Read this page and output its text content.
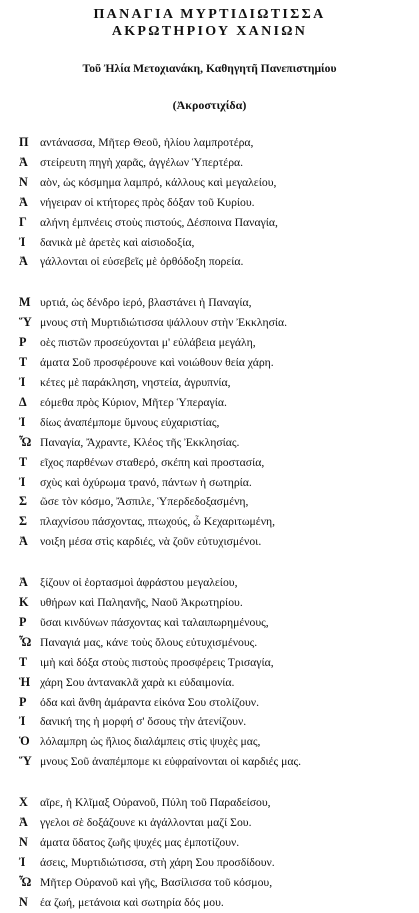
ΠΑΝΑΓΙΑ ΜΥΡΤΙΔΙΩΤΙΣΣΑ
ΑΚΡΩΤΗΡΙΟΥ ΧΑΝΙΩΝ
Τοῦ Ἠλία Μετοχιανάκη, Καθηγητῆ Πανεπιστημίου
(Ἀκροστιχίδα)
Π αντάνασσα, Μῆτερ Θεοῦ, ἡλίου λαμπροτέρα,
Ἀ	στείρευτη πηγὴ χαρᾶς, ἀγγέλων Ὑπερτέρα.
Ν	αὸν, ὡς κόσμημα λαμπρό, κάλλους καὶ μεγαλείου,
Ἀ	νήγειραν οἱ κτήτορες πρὸς δόξαν τοῦ Κυρίου.
Γ	αλήνη ἐμπνέεις στοὺς πιστούς, Δέσποινα Παναγία,
Ἰ	δανικὰ μὲ ἀρετὲς καὶ αἰσιοδοξία,
Ἀ	γάλλονται οἱ εὐσεβεῖς μὲ ὀρθόδοξη πορεία.
Μ υρτιά, ὡς δένδρο ἱερό, βλαστάνει ἡ Παναγία,
Ὕ μνους στὴ Μυρτιδιώτισσα ψάλλουν στὴν Ἐκκλησία.
Ρ	οὲς πιστῶν προσεύχονται μ' εὐλάβεια μεγάλη,
Τ	άματα Σοῦ προσφέρουνε καὶ νοιώθουν θεία χάρη.
Ἰ	κέτες μὲ παράκληση, νηστεία, ἀγρυπνία,
Δ	εόμεθα πρὸς Κύριον, Μῆτερ Ὑπεραγία.
Ἰ	δίως ἀναπέμπομε ὕμνους εὐχαριστίας,
Ὦ Παναγία, Ἄχραντε, Κλέος τῆς Ἐκκλησίας.
Τ	εῖχος παρθένων σταθερό, σκέπη καὶ προστασία,
Ἰ	σχὺς καὶ ὀχύρωμα τρανό, πάντων ἡ σωτηρία.
Σ	ῶσε τὸν κόσμο, Ἄσπιλε, Ὑπερδεδοξασμένη,
Σ	πλαχνίσου πάσχοντας, πτωχούς, ὦ Κεχαριτωμένη,
Ἀ	νοιξη μέσα στὶς καρδιές, νὰ ζοῦν εὐτυχισμένοι.
Ἀ	ξίζουν οἱ ἑορτασμοὶ ἀφράστου μεγαλείου,
Κ υθήρων καὶ Παληανῆς, Ναοῦ Ἀκρωτηρίου.
Ρ	ῦσαι κινδύνων πάσχοντας καὶ ταλαιπωρημένους,
Ὦ Παναγιά μας, κάνε τοὺς ὅλους εὐτυχισμένους.
Τ	ιμὴ καὶ δόξα στοὺς πιστοὺς προσφέρεις Τρισαγία,
Ἡ χάρη Σου ἀντανακλᾶ χαρὰ κι εὐδαιμονία.
Ρ	όδα καὶ ἄνθη ἀμάραντα εἰκόνα Σου στολίζουν.
Ἰ	δανική της ἡ μορφή σ' ὅσους τὴν ἀτενίζουν.
Ὁ λόλαμπρη ὡς ἥλιος διαλάμπεις στὶς ψυχὲς μας,
Ὕ μνους Σοῦ ἀναπέμπομε κι εὐφραίνονται οἱ καρδιές μας.
Χ	αῖρε, ἡ Κλῖμαξ Οὐρανοῦ, Πύλη τοῦ Παραδείσου,
Ἀ	γγελοι σὲ δοξάζουνε κι ἀγάλλονται μαζί Σου.
Ν	άματα ὕδατος ζωῆς ψυχές μας ἐμποτίζουν.
Ἰ	άσεις, Μυρτιδιώτισσα, στὴ χάρη Σου προσδίδουν.
Ὦ Μῆτερ Οὐρανοῦ καὶ γῆς, Βασίλισσα τοῦ κόσμου,
Ν	έα ζωή, μετάνοια καὶ σωτηρία δός μου.
